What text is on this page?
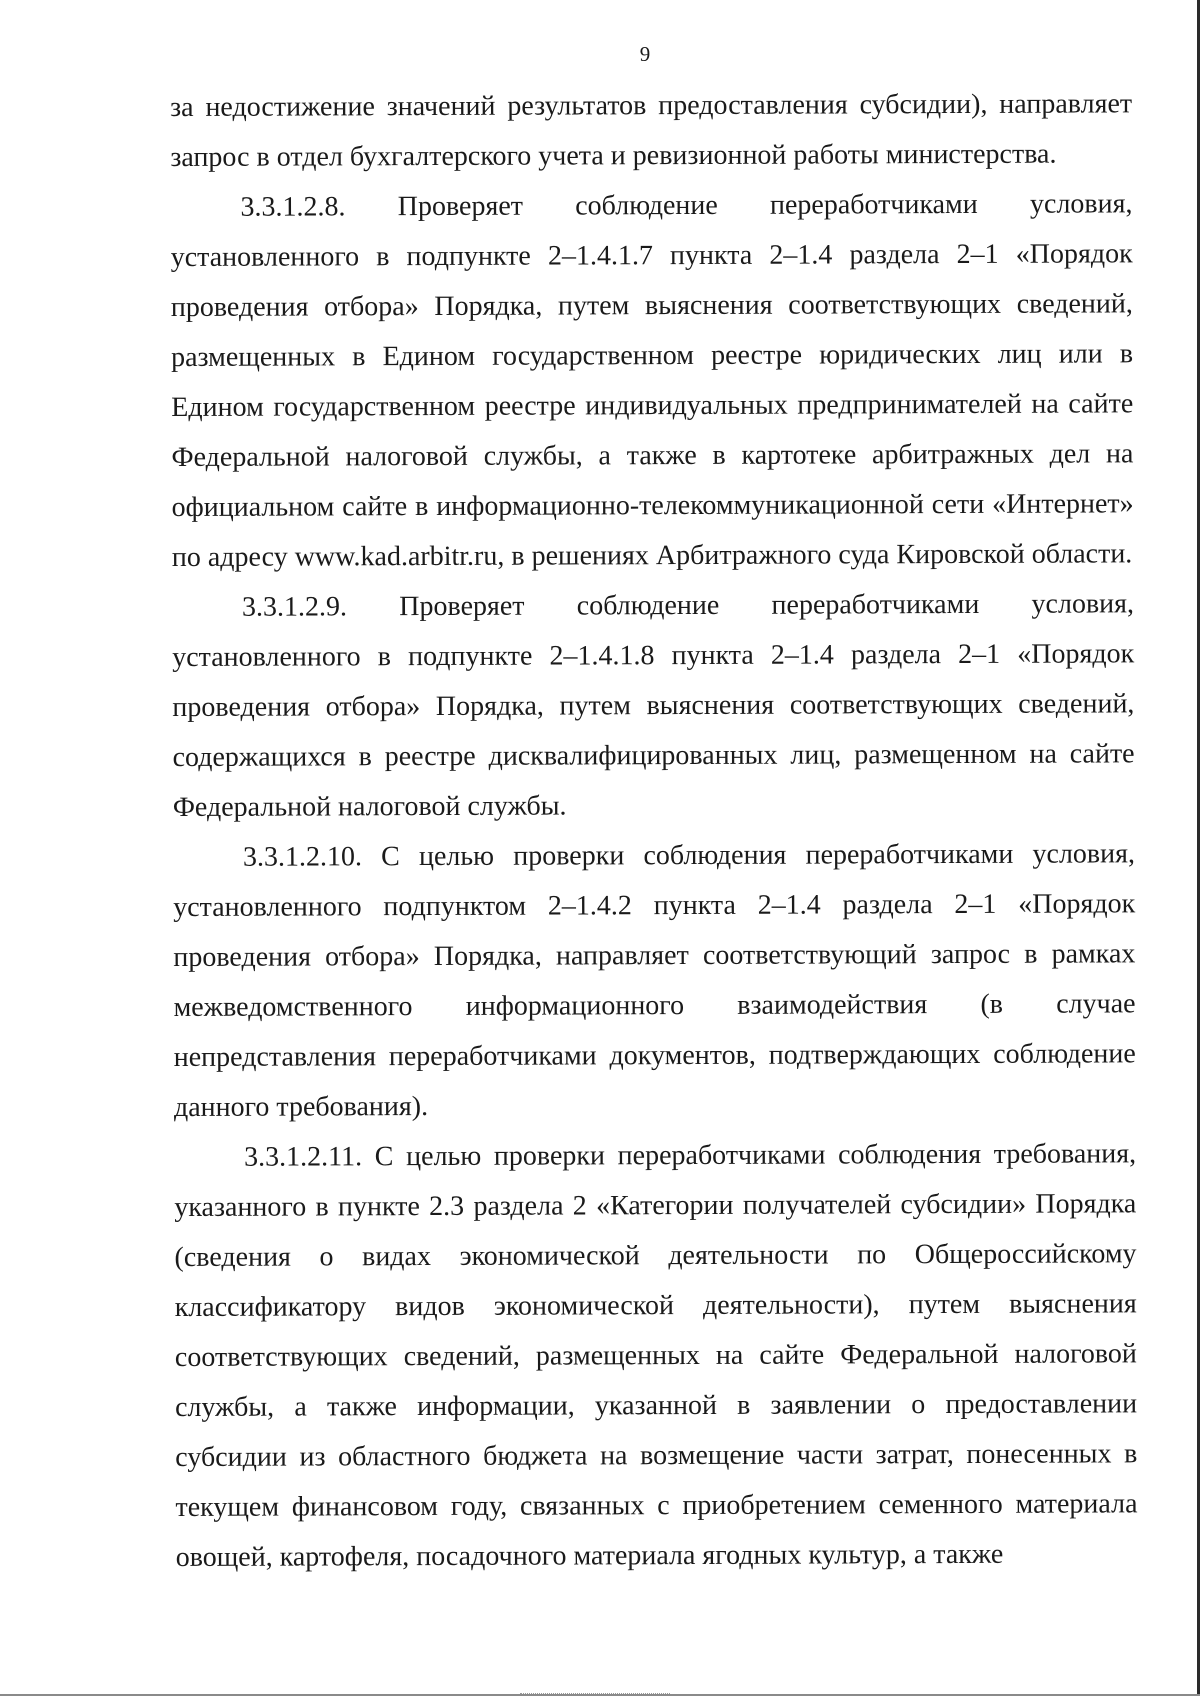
9

за недостижение значений результатов предоставления субсидии), направляет запрос в отдел бухгалтерского учета и ревизионной работы министерства.

3.3.1.2.8. Проверяет соблюдение переработчиками условия, установленного в подпункте 2–1.4.1.7 пункта 2–1.4 раздела 2–1 «Порядок проведения отбора» Порядка, путем выяснения соответствующих сведений, размещенных в Едином государственном реестре юридических лиц или в Едином государственном реестре индивидуальных предпринимателей на сайте Федеральной налоговой службы, а также в картотеке арбитражных дел на официальном сайте в информационно-телекоммуникационной сети «Интернет» по адресу www.kad.arbitr.ru, в решениях Арбитражного суда Кировской области.

3.3.1.2.9. Проверяет соблюдение переработчиками условия, установленного в подпункте 2–1.4.1.8 пункта 2–1.4 раздела 2–1 «Порядок проведения отбора» Порядка, путем выяснения соответствующих сведений, содержащихся в реестре дисквалифицированных лиц, размещенном на сайте Федеральной налоговой службы.

3.3.1.2.10. С целью проверки соблюдения переработчиками условия, установленного подпунктом 2–1.4.2 пункта 2–1.4 раздела 2–1 «Порядок проведения отбора» Порядка, направляет соответствующий запрос в рамках межведомственного информационного взаимодействия (в случае непредставления переработчиками документов, подтверждающих соблюдение данного требования).

3.3.1.2.11. С целью проверки переработчиками соблюдения требования, указанного в пункте 2.3 раздела 2 «Категории получателей субсидии» Порядка (сведения о видах экономической деятельности по Общероссийскому классификатору видов экономической деятельности), путем выяснения соответствующих сведений, размещенных на сайте Федеральной налоговой службы, а также информации, указанной в заявлении о предоставлении субсидии из областного бюджета на возмещение части затрат, понесенных в текущем финансовом году, связанных с приобретением семенного материала овощей, картофеля, посадочного материала ягодных культур, а также
